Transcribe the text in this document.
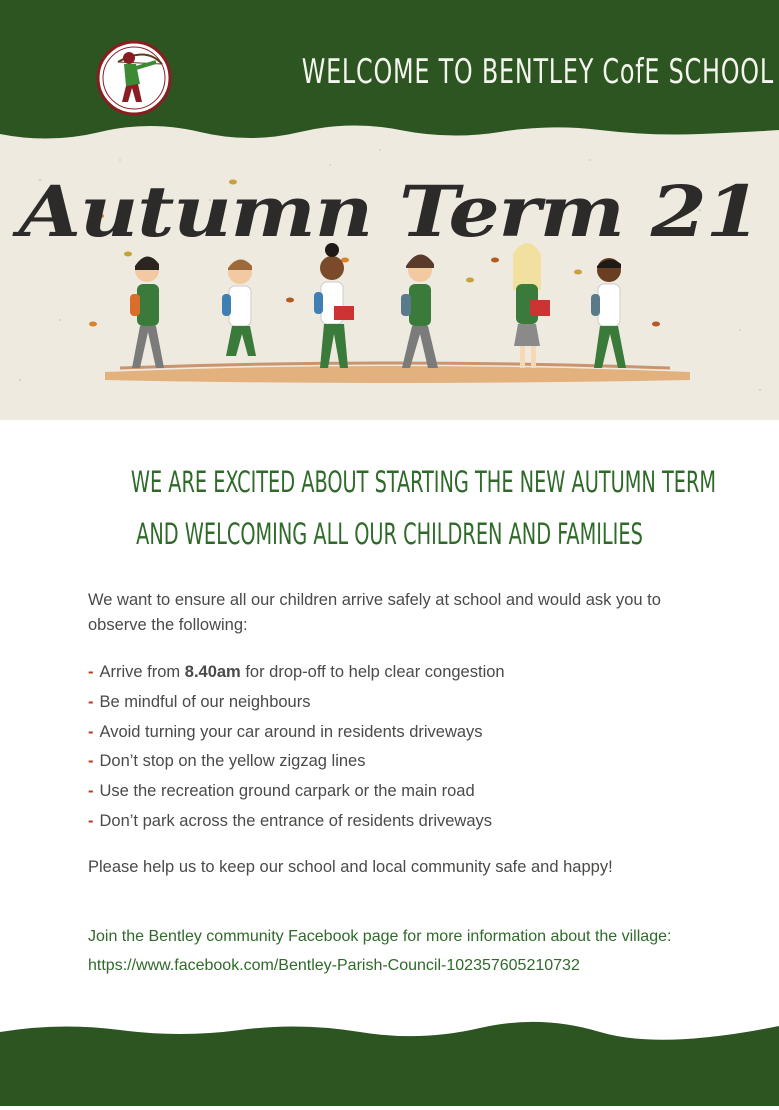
WELCOME TO BENTLEY CofE SCHOOL
Autumn Term 21
WE ARE EXCITED ABOUT STARTING THE NEW AUTUMN TERM
AND WELCOMING ALL OUR CHILDREN AND FAMILIES
We want to ensure all our children arrive safely at school and would ask you to observe the following:
- Arrive from 8.40am for drop-off to help clear congestion
- Be mindful of our neighbours
- Avoid turning your car around in residents driveways
- Don’t stop on the yellow zigzag lines
- Use the recreation ground carpark or the main road
- Don’t park across the entrance of residents driveways
Please help us to keep our school and local community safe and happy!
Join the Bentley community Facebook page for more information about the village:
https://www.facebook.com/Bentley-Parish-Council-102357605210732
